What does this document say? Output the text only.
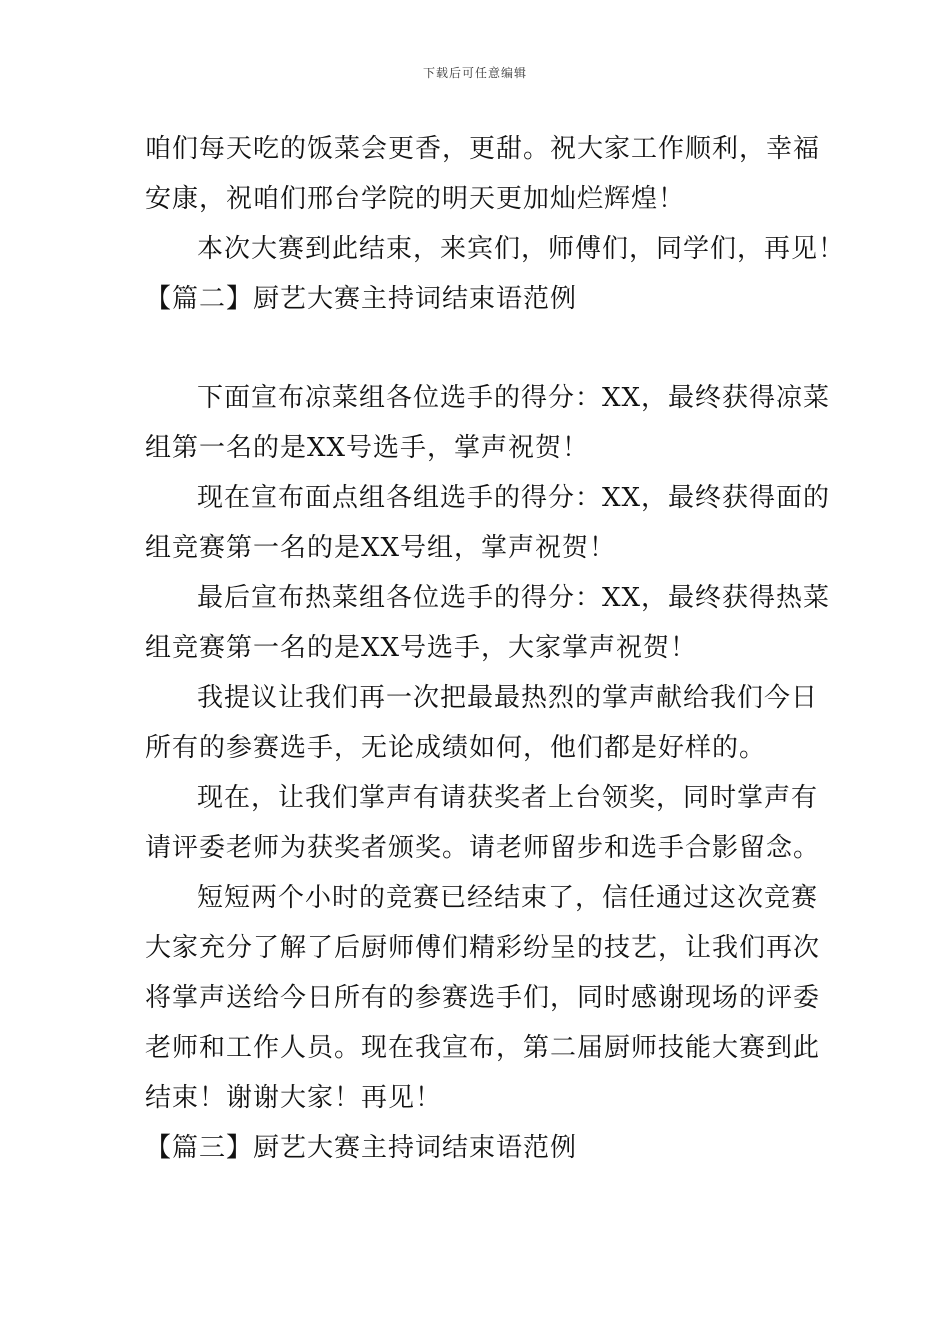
下载后可任意编辑
咱们每天吃的饭菜会更香，更甜。祝大家工作顺利，幸福
安康，祝咱们邢台学院的明天更加灿烂辉煌！
本次大赛到此结束，来宾们，师傅们，同学们，再见！
【篇二】厨艺大赛主持词结束语范例
下面宣布凉菜组各位选手的得分：XX，最终获得凉菜
组第一名的是XX号选手，掌声祝贺！
现在宣布面点组各组选手的得分：XX，最终获得面的
组竞赛第一名的是XX号组，掌声祝贺！
最后宣布热菜组各位选手的得分：XX，最终获得热菜
组竞赛第一名的是XX号选手，大家掌声祝贺！
我提议让我们再一次把最最热烈的掌声献给我们今日
所有的参赛选手，无论成绩如何，他们都是好样的。
现在，让我们掌声有请获奖者上台领奖，同时掌声有
请评委老师为获奖者颁奖。请老师留步和选手合影留念。
短短两个小时的竞赛已经结束了，信任通过这次竞赛
大家充分了解了后厨师傅们精彩纷呈的技艺，让我们再次
将掌声送给今日所有的参赛选手们，同时感谢现场的评委
老师和工作人员。现在我宣布，第二届厨师技能大赛到此
结束！谢谢大家！再见！
【篇三】厨艺大赛主持词结束语范例
